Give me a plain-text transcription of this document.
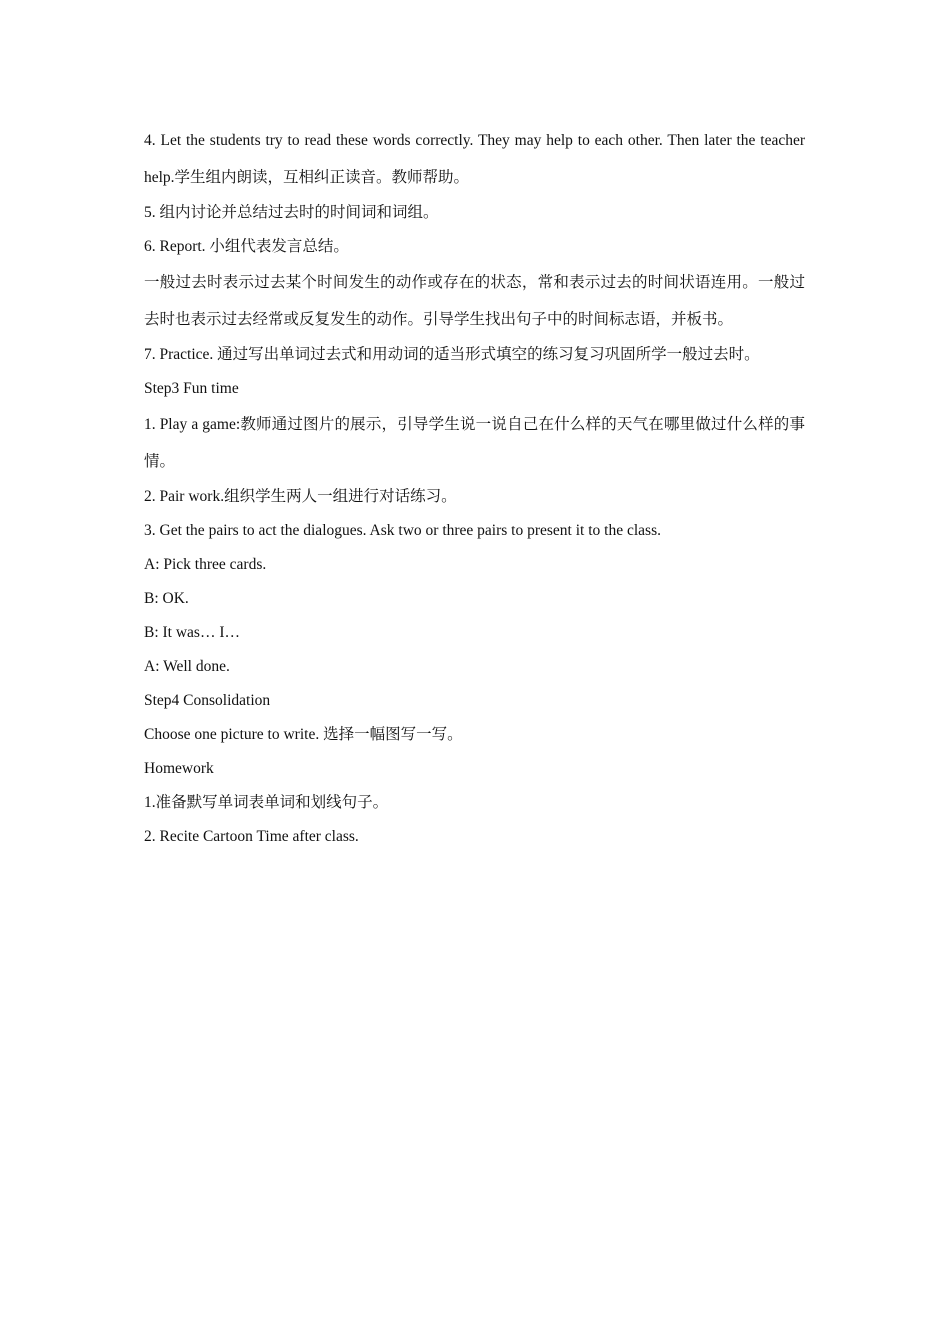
4. Let the students try to read these words correctly. They may help to each other. Then later the teacher help.学生组内朗读，互相纠正读音。教师帮助。

5. 组内讨论并总结过去时的时间词和词组。

6. Report. 小组代表发言总结。

一般过去时表示过去某个时间发生的动作或存在的状态，常和表示过去的时间状语连用。一般过去时也表示过去经常或反复发生的动作。引导学生找出句子中的时间标志语，并板书。

7. Practice. 通过写出单词过去式和用动词的适当形式填空的练习复习巩固所学一般过去时。

Step3 Fun time

1. Play a game:教师通过图片的展示，引导学生说一说自己在什么样的天气在哪里做过什么样的事情。

2. Pair work.组织学生两人一组进行对话练习。

3. Get the pairs to act the dialogues. Ask two or three pairs to present it to the class.

A: Pick three cards.

B: OK.

B: It was… I…

A: Well done.

Step4 Consolidation

Choose one picture to write. 选择一幅图写一写。

Homework

1.准备默写单词表单词和划线句子。

2. Recite Cartoon Time after class.
